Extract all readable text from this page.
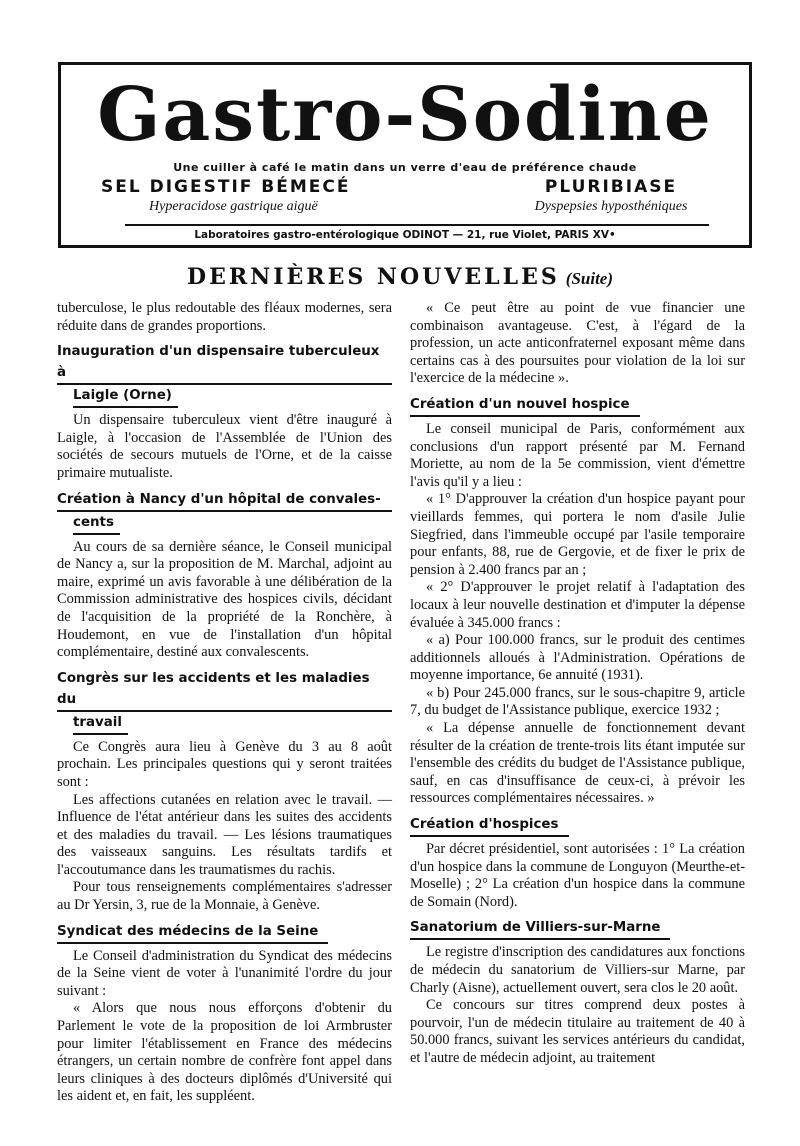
Gastro-Sodine
Une cuiller à café le matin dans un verre d'eau de préférence chaude
SEL DIGESTIF BÉMECÉ
Hyperacidose gastrique aiguë
PLURIBIASE
Dyspepsies hyposthéniques
Laboratoires gastro-entérologique ODINOT — 21, rue Violet, PARIS XV•
DERNIÈRES NOUVELLES (Suite)

tuberculose, le plus redoutable des fléaux modernes, sera réduite dans de grandes proportions.

Inauguration d'un dispensaire tuberculeux à
Laigle (Orne)

Un dispensaire tuberculeux vient d'être inauguré à Laigle, à l'occasion de l'Assemblée de l'Union des sociétés de secours mutuels de l'Orne, et de la caisse primaire mutualiste.

Création à Nancy d'un hôpital de convales-
cents

Au cours de sa dernière séance, le Conseil municipal de Nancy a, sur la proposition de M. Marchal, adjoint au maire, exprimé un avis favorable à une délibération de la Commission administrative des hospices civils, décidant de l'acquisition de la propriété de la Ronchère, à Houdemont, en vue de l'installation d'un hôpital complémentaire, destiné aux convalescents.

Congrès sur les accidents et les maladies du
travail

Ce Congrès aura lieu à Genève du 3 au 8 août prochain. Les principales questions qui y seront traitées sont :

Les affections cutanées en relation avec le travail. — Influence de l'état antérieur dans les suites des accidents et des maladies du travail. — Les lésions traumatiques des vaisseaux sanguins. Les résultats tardifs et l'accoutumance dans les traumatismes du rachis.

Pour tous renseignements complémentaires s'adresser au Dr Yersin, 3, rue de la Monnaie, à Genève.

Syndicat des médecins de la Seine

Le Conseil d'administration du Syndicat des médecins de la Seine vient de voter à l'unanimité l'ordre du jour suivant :

« Alors que nous nous efforçons d'obtenir du Parlement le vote de la proposition de loi Armbruster pour limiter l'établissement en France des médecins étrangers, un certain nombre de confrère font appel dans leurs cliniques à des docteurs diplômés d'Université qui les aident et, en fait, les suppléent.

« Ce peut être au point de vue financier une combinaison avantageuse. C'est, à l'égard de la profession, un acte anticonfraternel exposant même dans certains cas à des poursuites pour violation de la loi sur l'exercice de la médecine ».

Création d'un nouvel hospice

Le conseil municipal de Paris, conformément aux conclusions d'un rapport présenté par M. Fernand Moriette, au nom de la 5e commission, vient d'émettre l'avis qu'il y a lieu :

« 1° D'approuver la création d'un hospice payant pour vieillards femmes, qui portera le nom d'asile Julie Siegfried, dans l'immeuble occupé par l'asile temporaire pour enfants, 88, rue de Gergovie, et de fixer le prix de pension à 2.400 francs par an ;

« 2° D'approuver le projet relatif à l'adaptation des locaux à leur nouvelle destination et d'imputer la dépense évaluée à 345.000 francs :

« a) Pour 100.000 francs, sur le produit des centimes additionnels alloués à l'Administration. Opérations de moyenne importance, 6e annuité (1931).

« b) Pour 245.000 francs, sur le sous-chapitre 9, article 7, du budget de l'Assistance publique, exercice 1932 ;

« La dépense annuelle de fonctionnement devant résulter de la création de trente-trois lits étant imputée sur l'ensemble des crédits du budget de l'Assistance publique, sauf, en cas d'insuffisance de ceux-ci, à prévoir les ressources complémentaires nécessaires. »

Création d'hospices

Par décret présidentiel, sont autorisées : 1° La création d'un hospice dans la commune de Longuyon (Meurthe-et-Moselle) ; 2° La création d'un hospice dans la commune de Somain (Nord).

Sanatorium de Villiers-sur-Marne

Le registre d'inscription des candidatures aux fonctions de médecin du sanatorium de Villiers-sur Marne, par Charly (Aisne), actuellement ouvert, sera clos le 20 août.

Ce concours sur titres comprend deux postes à pourvoir, l'un de médecin titulaire au traitement de 40 à 50.000 francs, suivant les services antérieurs du candidat, et l'autre de médecin adjoint, au traitement
